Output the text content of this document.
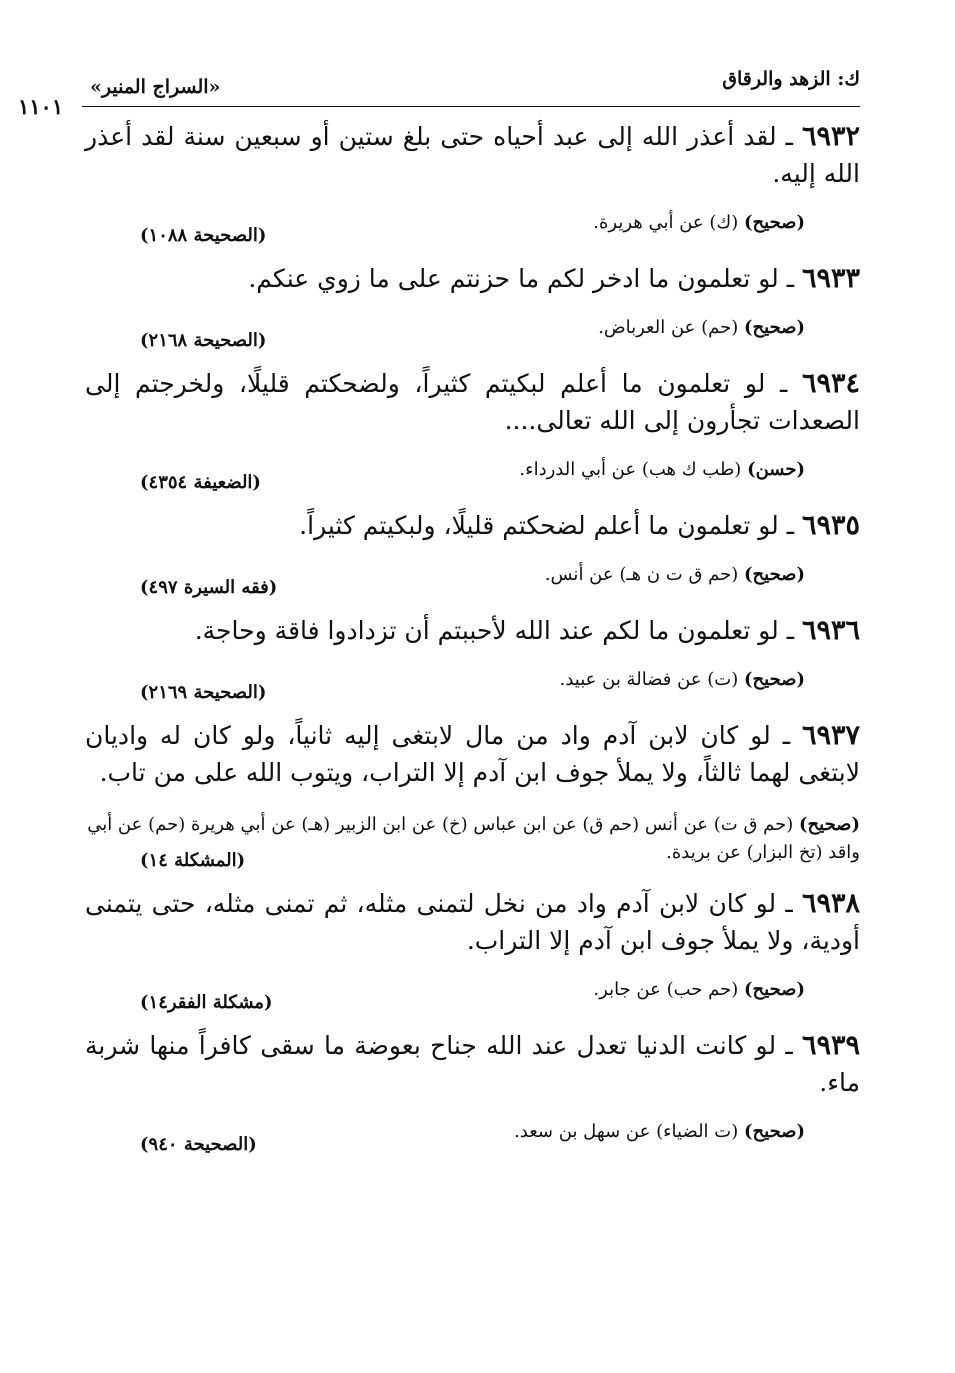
ك: الزهد والرقاق
«السراج المنير»
١١٠١

٦٩٣٢ ـ لقد أعذر الله إلى عبد أحياه حتى بلغ ستين أو سبعين سنة لقد أعذر الله إليه.

(صحيح) (ك) عن أبي هريرة.
(الصحيحة ١٠٨٨)

٦٩٣٣ ـ لو تعلمون ما ادخر لكم ما حزنتم على ما زوي عنكم.

(صحيح) (حم) عن العرباض.
(الصحيحة ٢١٦٨)

٦٩٣٤ ـ لو تعلمون ما أعلم لبكيتم كثيراً، ولضحكتم قليلًا، ولخرجتم إلى الصعدات تجأرون إلى الله تعالى....

(حسن) (طب ك هب) عن أبي الدرداء.
(الضعيفة ٤٣٥٤)

٦٩٣٥ ـ لو تعلمون ما أعلم لضحكتم قليلًا، ولبكيتم كثيراً.

(صحيح) (حم ق ت ن هـ) عن أنس.
(فقه السيرة ٤٩٧)

٦٩٣٦ ـ لو تعلمون ما لكم عند الله لأحببتم أن تزدادوا فاقة وحاجة.

(صحيح) (ت) عن فضالة بن عبيد.
(الصحيحة ٢١٦٩)

٦٩٣٧ ـ لو كان لابن آدم واد من مال لابتغى إليه ثانياً، ولو كان له واديان لابتغى لهما ثالثاً، ولا يملأ جوف ابن آدم إلا التراب، ويتوب الله على من تاب.

(صحيح) (حم ق ت) عن أنس (حم ق) عن ابن عباس (خ) عن ابن الزبير (هـ) عن أبي هريرة (حم) عن أبي واقد (تخ البزار) عن بريدة.
(المشكلة ١٤)

٦٩٣٨ ـ لو كان لابن آدم واد من نخل لتمنى مثله، ثم تمنى مثله، حتى يتمنى أودية، ولا يملأ جوف ابن آدم إلا التراب.

(صحيح) (حم حب) عن جابر.
(مشكلة الفقر١٤)

٦٩٣٩ ـ لو كانت الدنيا تعدل عند الله جناح بعوضة ما سقى كافراً منها شربة ماء.

(صحيح) (ت الضياء) عن سهل بن سعد.
(الصحيحة ٩٤٠)
